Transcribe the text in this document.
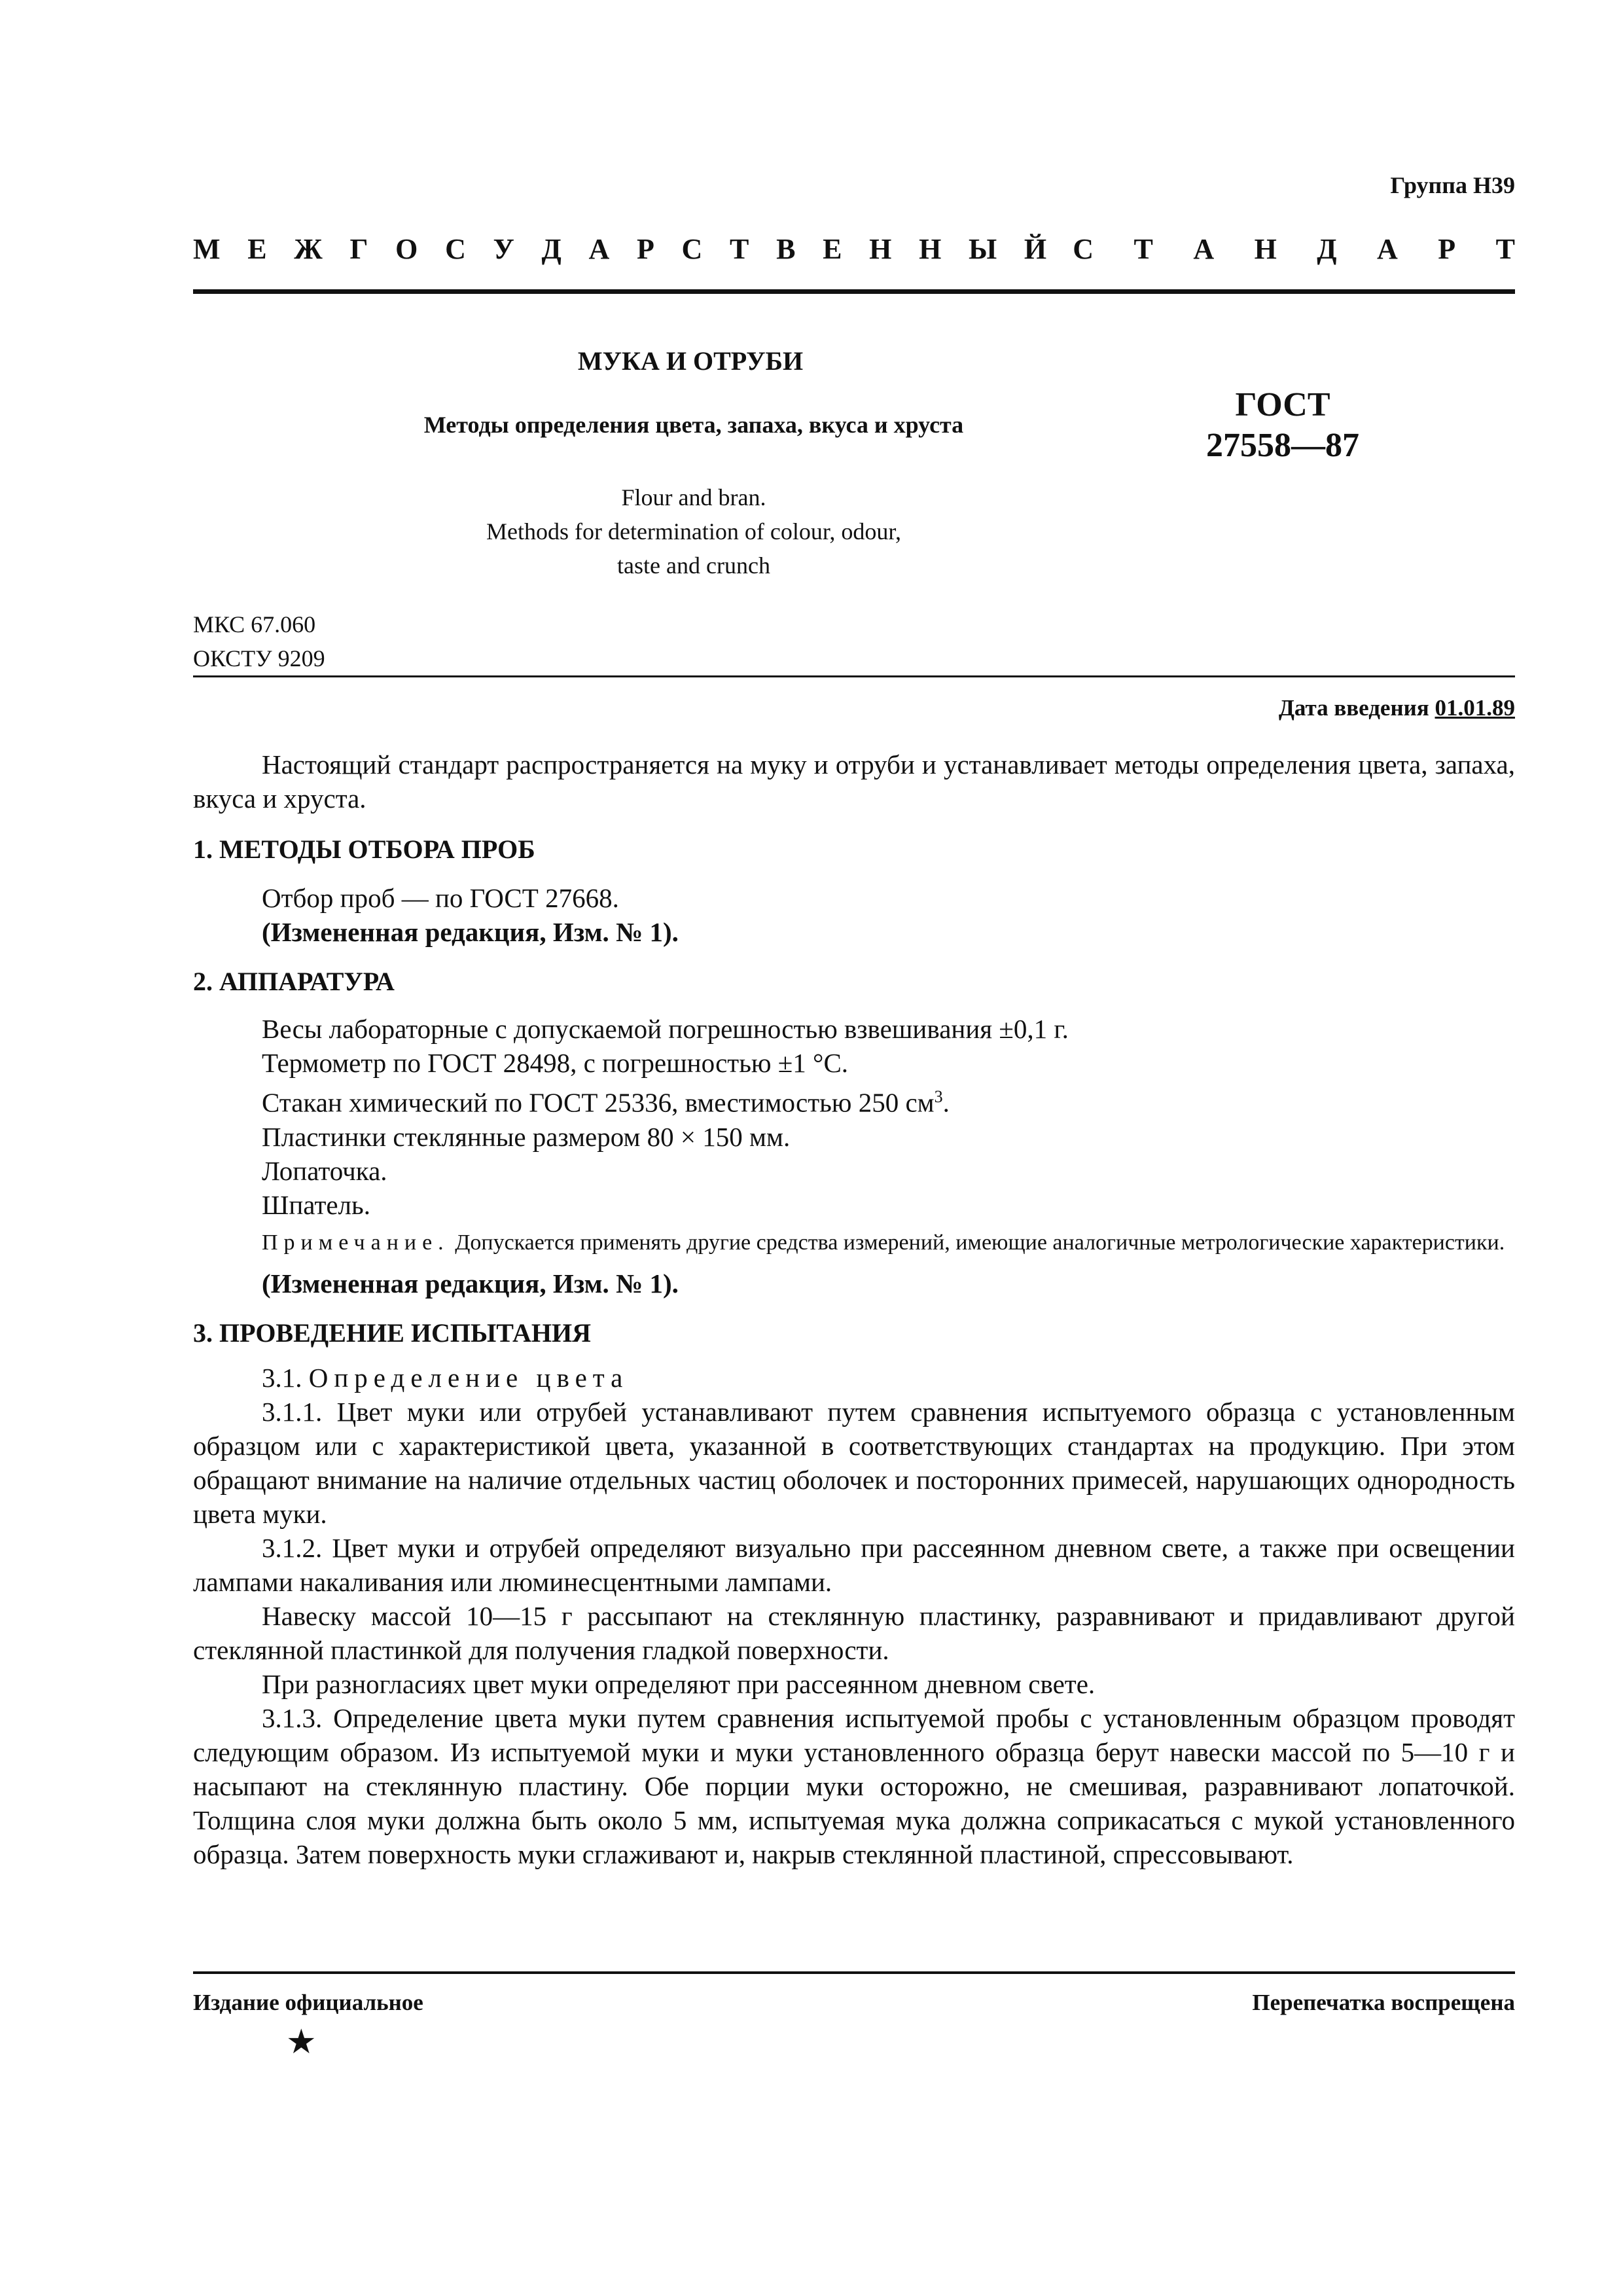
Группа Н39
М Е Ж Г О С У Д А Р С Т В Е Н Н Ы Й С Т А Н Д А Р Т
МУКА И ОТРУБИ
Методы определения цвета, запаха, вкуса и хруста
ГОСТ
27558—87
Flour and bran.
Methods for determination of colour, odour,
taste and crunch
МКС 67.060
ОКСТУ 9209
Дата введения 01.01.89

Настоящий стандарт распространяется на муку и отруби и устанавливает методы определения цвета, запаха, вкуса и хруста.

1. МЕТОДЫ ОТБОРА ПРОБ

Отбор проб — по ГОСТ 27668.

(Измененная редакция, Изм. № 1).

2. АППАРАТУРА

Весы лабораторные с допускаемой погрешностью взвешивания ±0,1 г.

Термометр по ГОСТ 28498, с погрешностью ±1 °С.

Стакан химический по ГОСТ 25336, вместимостью 250 $см^3$.

Пластинки стеклянные размером 80 × 150 мм.

Лопаточка.

Шпатель.

Примечание. Допускается применять другие средства измерений, имеющие аналогичные метрологические характеристики.

(Измененная редакция, Изм. № 1).

3. ПРОВЕДЕНИЕ ИСПЫТАНИЯ

3.1. Определение цвета

3.1.1. Цвет муки или отрубей устанавливают путем сравнения испытуемого образца с установленным образцом или с характеристикой цвета, указанной в соответствующих стандартах на продукцию. При этом обращают внимание на наличие отдельных частиц оболочек и посторонних примесей, нарушающих однородность цвета муки.

3.1.2. Цвет муки и отрубей определяют визуально при рассеянном дневном свете, а также при освещении лампами накаливания или люминесцентными лампами.

Навеску массой 10—15 г рассыпают на стеклянную пластинку, разравнивают и придавливают другой стеклянной пластинкой для получения гладкой поверхности.

При разногласиях цвет муки определяют при рассеянном дневном свете.

3.1.3. Определение цвета муки путем сравнения испытуемой пробы с установленным образцом проводят следующим образом. Из испытуемой муки и муки установленного образца берут навески массой по 5—10 г и насыпают на стеклянную пластину. Обе порции муки осторожно, не смешивая, разравнивают лопаточкой. Толщина слоя муки должна быть около 5 мм, испытуемая мука должна соприкасаться с мукой установленного образца. Затем поверхность муки сглаживают и, накрыв стеклянной пластиной, спрессовывают.

Издание официальное	Перепечатка воспрещена
★
